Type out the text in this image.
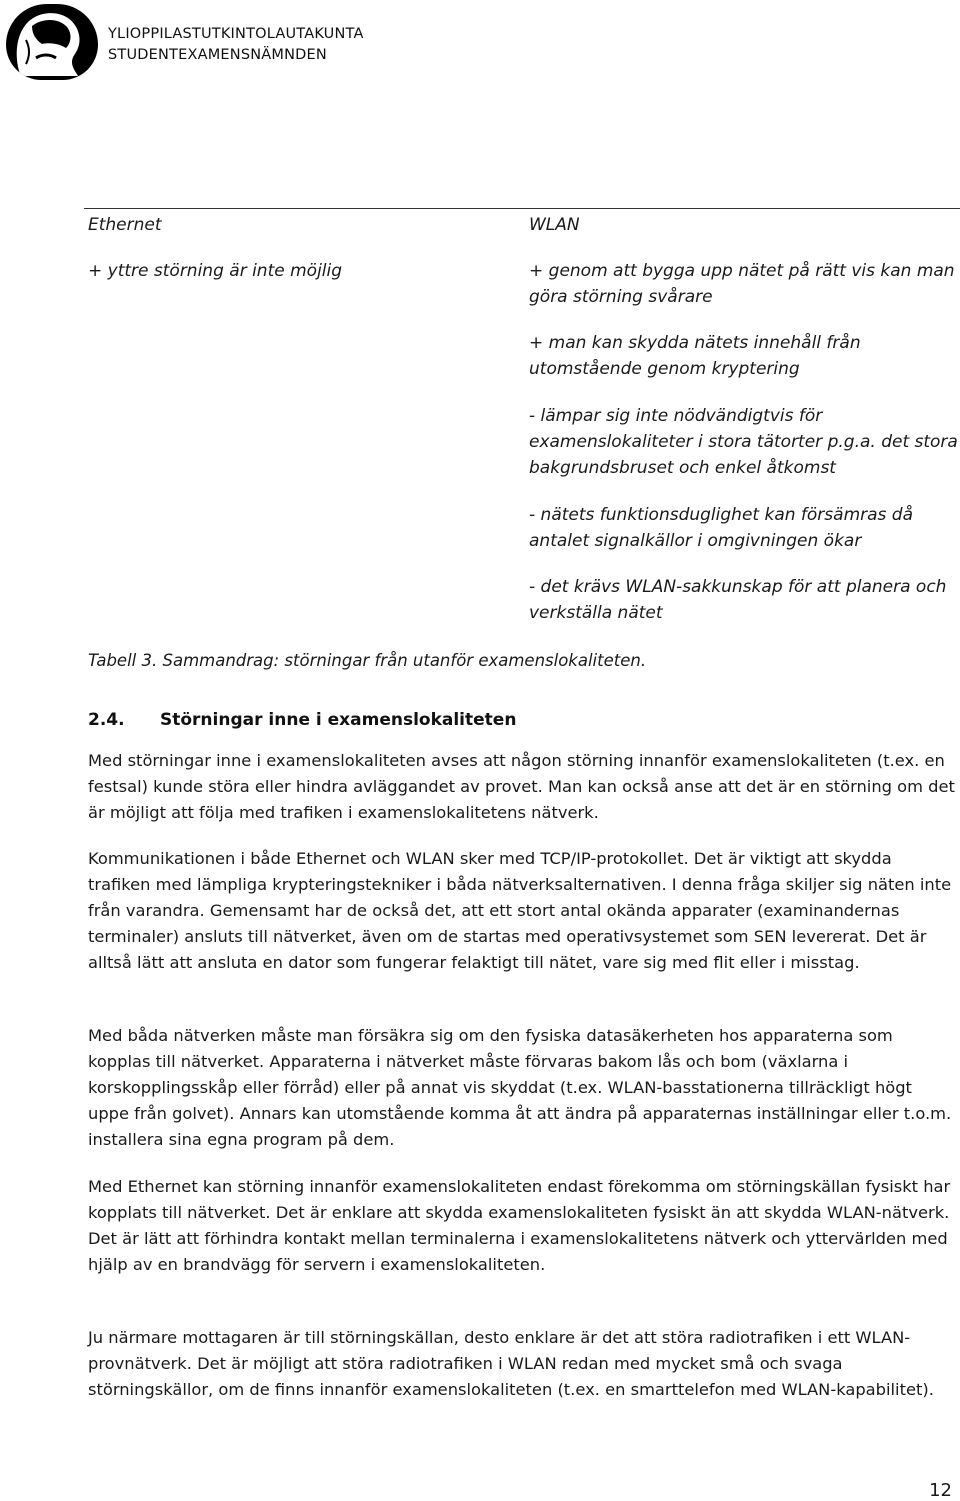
YLIOPPILASTUTKINTOLAUTAKUNTA
STUDENTEXAMENSNÄMNDEN
Ethernet	WLAN
+ yttre störning är inte möjlig	+ genom att bygga upp nätet på rätt vis kan man göra störning svårare
+ man kan skydda nätets innehåll från utomstående genom kryptering
- lämpar sig inte nödvändigtvis för examenslokaliteter i stora tätorter p.g.a. det stora bakgrundsbruset och enkel åtkomst
- nätets funktionsduglighet kan försämras då antalet signalkällor i omgivningen ökar
- det krävs WLAN-sakkunskap för att planera och verkställa nätet
Tabell 3. Sammandrag: störningar från utanför examenslokaliteten.
2.4. Störningar inne i examenslokaliteten

Med störningar inne i examenslokaliteten avses att någon störning innanför examenslokaliteten (t.ex. en festsal) kunde störa eller hindra avläggandet av provet. Man kan också anse att det är en störning om det är möjligt att följa med trafiken i examenslokalitetens nätverk.

Kommunikationen i både Ethernet och WLAN sker med TCP/IP-protokollet. Det är viktigt att skydda trafiken med lämpliga krypteringstekniker i båda nätverksalternativen. I denna fråga skiljer sig näten inte från varandra. Gemensamt har de också det, att ett stort antal okända apparater (examinandernas terminaler) ansluts till nätverket, även om de startas med operativsystemet som SEN levererat. Det är alltså lätt att ansluta en dator som fungerar felaktigt till nätet, vare sig med flit eller i misstag.

Med båda nätverken måste man försäkra sig om den fysiska datasäkerheten hos apparaterna som kopplas till nätverket. Apparaterna i nätverket måste förvaras bakom lås och bom (växlarna i korskopplingsskåp eller förråd) eller på annat vis skyddat (t.ex. WLAN-basstationerna tillräckligt högt uppe från golvet). Annars kan utomstående komma åt att ändra på apparaternas inställningar eller t.o.m. installera sina egna program på dem.

Med Ethernet kan störning innanför examenslokaliteten endast förekomma om störningskällan fysiskt har kopplats till nätverket. Det är enklare att skydda examenslokaliteten fysiskt än att skydda WLAN-nätverk. Det är lätt att förhindra kontakt mellan terminalerna i examenslokalitetens nätverk och yttervärlden med hjälp av en brandvägg för servern i examenslokaliteten.

Ju närmare mottagaren är till störningskällan, desto enklare är det att störa radiotrafiken i ett WLAN-provnätverk. Det är möjligt att störa radiotrafiken i WLAN redan med mycket små och svaga störningskällor, om de finns innanför examenslokaliteten (t.ex. en smarttelefon med WLAN-kapabilitet).

12
